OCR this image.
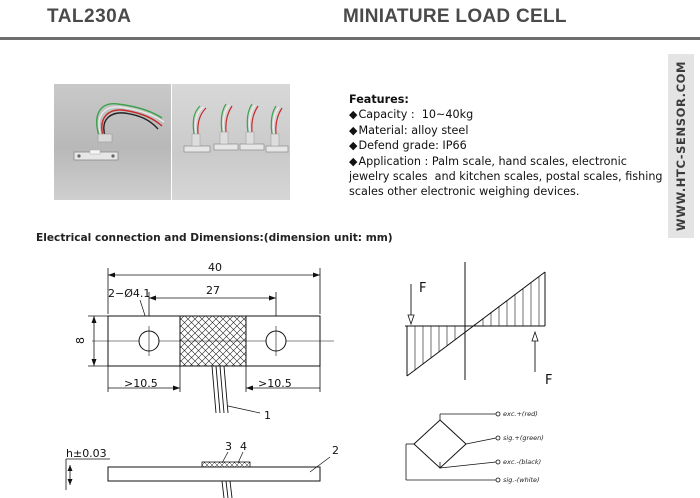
TAL230A	MINIATURE LOAD CELL
Features:
◆Capacity :  10~40kg
◆Material: alloy steel
◆Defend grade: IP66
◆Application : Palm scale, hand scales, electronic jewelry scales  and kitchen scales, postal scales, fishing scales other electronic weighing devices.	WWW.HTC-SENSOR.COM
Electrical connection and Dimensions:(dimension unit: mm)
40
27
2−Ø4.1
8
>10.5	>10.5
1
h±0.03
3 4	2
F
F
exc.+(red)
sig.+(green)
exc.-(black)
sig.-(white)
